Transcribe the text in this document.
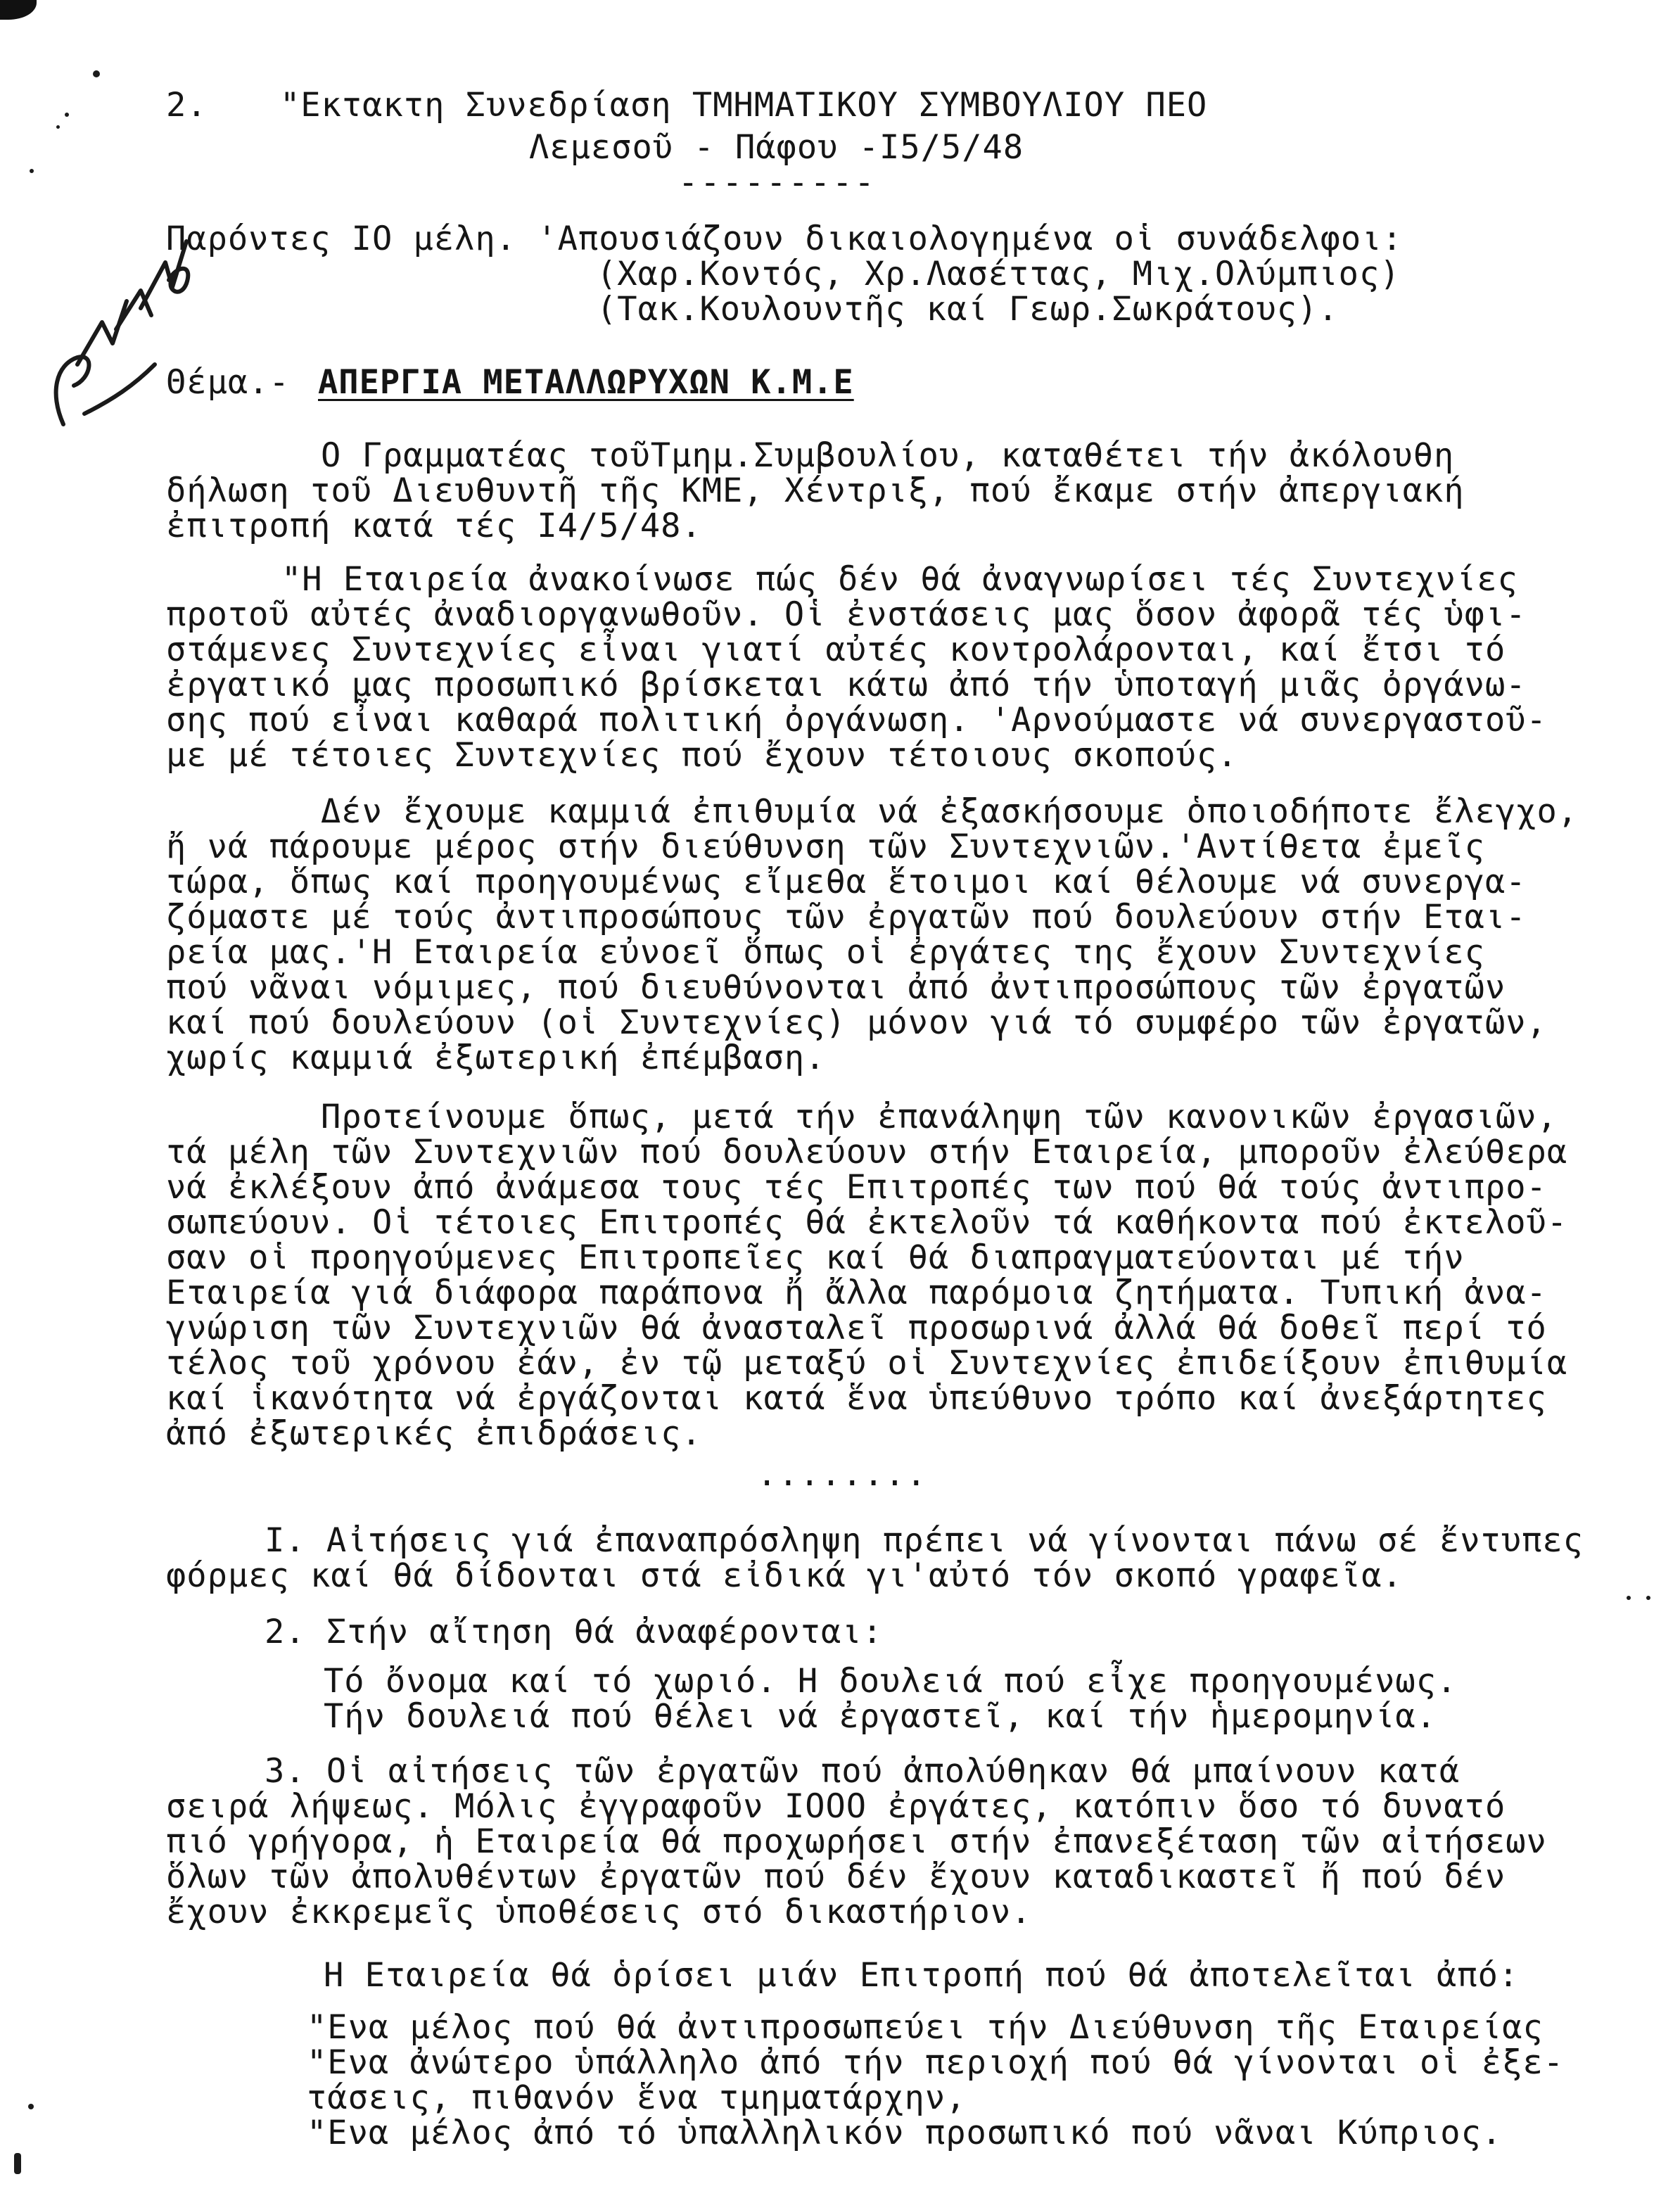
2. "Εκτακτη Συνεδρίαση ΤΜΗΜΑΤΙΚΟΥ ΣΥΜΒΟΥΛΙΟΥ ΠΕΟ
Λεμεσοῦ - Πάφου -Ι5/5/48
---------
Παρόντες ΙΟ μέλη. 'Απουσιάζουν δικαιολογημένα οἱ συνάδελφοι:
(Χαρ.Κοντός, Χρ.Λασέττας, Μιχ.Ολύμπιος)
(Τακ.Κουλουντῆς καί Γεωρ.Σωκράτους).
Θέμα.- ΑΠΕΡΓΙΑ ΜΕΤΑΛΛΩΡΥΧΩΝ Κ.Μ.Ε
Ο Γραμματέας τοῦΤμημ.Συμβουλίου, καταθέτει τήν ἀκόλουθη
δήλωση τοῦ Διευθυντῆ τῆς ΚΜΕ, Χέντριξ, πού ἔκαμε στήν ἀπεργιακή
ἐπιτροπή κατά τές Ι4/5/48.
"Η Εταιρεία ἀνακοίνωσε πώς δέν θά ἀναγνωρίσει τές Συντεχνίες
προτοῦ αὐτές ἀναδιοργανωθοῦν. Οἱ ἐνστάσεις μας ὅσον ἀφορᾶ τές ὑφι-
στάμενες Συντεχνίες εἶναι γιατί αὐτές κοντρολάρονται, καί ἔτσι τό
ἐργατικό μας προσωπικό βρίσκεται κάτω ἀπό τήν ὑποταγή μιᾶς ὀργάνω-
σης πού εἶναι καθαρά πολιτική ὀργάνωση. 'Αρνούμαστε νά συνεργαστοῦ-
με μέ τέτοιες Συντεχνίες πού ἔχουν τέτοιους σκοπούς.
Δέν ἔχουμε καμμιά ἐπιθυμία νά ἐξασκήσουμε ὁποιοδήποτε ἔλεγχο,
ἤ νά πάρουμε μέρος στήν διεύθυνση τῶν Συντεχνιῶν.'Αντίθετα ἐμεῖς
τώρα, ὅπως καί προηγουμένως εἴμεθα ἕτοιμοι καί θέλουμε νά συνεργα-
ζόμαστε μέ τούς ἀντιπροσώπους τῶν ἐργατῶν πού δουλεύουν στήν Εται-
ρεία μας.'Η Εταιρεία εὐνοεῖ ὅπως οἱ ἐργάτες της ἔχουν Συντεχνίες
πού νᾶναι νόμιμες, πού διευθύνονται ἀπό ἀντιπροσώπους τῶν ἐργατῶν
καί πού δουλεύουν (οἱ Συντεχνίες) μόνον γιά τό συμφέρο τῶν ἐργατῶν,
χωρίς καμμιά ἐξωτερική ἐπέμβαση.
Προτείνουμε ὅπως, μετά τήν ἐπανάληψη τῶν κανονικῶν ἐργασιῶν,
τά μέλη τῶν Συντεχνιῶν πού δουλεύουν στήν Εταιρεία, μποροῦν ἐλεύθερα
νά ἐκλέξουν ἀπό ἀνάμεσα τους τές Επιτροπές των πού θά τούς ἀντιπρο-
σωπεύουν. Οἱ τέτοιες Επιτροπές θά ἐκτελοῦν τά καθήκοντα πού ἐκτελοῦ-
σαν οἱ προηγούμενες Επιτροπεῖες καί θά διαπραγματεύονται μέ τήν
Εταιρεία γιά διάφορα παράπονα ἤ ἄλλα παρόμοια ζητήματα. Τυπική ἀνα-
γνώριση τῶν Συντεχνιῶν θά ἀνασταλεῖ προσωρινά ἀλλά θά δοθεῖ περί τό
τέλος τοῦ χρόνου ἐάν, ἐν τῷ μεταξύ οἱ Συντεχνίες ἐπιδείξουν ἐπιθυμία
καί ἱκανότητα νά ἐργάζονται κατά ἕνα ὑπεύθυνο τρόπο καί ἀνεξάρτητες
ἀπό ἐξωτερικές ἐπιδράσεις.
........
Ι. Αἰτήσεις γιά ἐπαναπρόσληψη πρέπει νά γίνονται πάνω σέ ἔντυπες
φόρμες καί θά δίδονται στά εἰδικά γι'αὐτό τόν σκοπό γραφεῖα.
2. Στήν αἴτηση θά ἀναφέρονται:
Τό ὄνομα καί τό χωριό. Η δουλειά πού εἶχε προηγουμένως.
Τήν δουλειά πού θέλει νά ἐργαστεῖ, καί τήν ἡμερομηνία.
3. Οἱ αἰτήσεις τῶν ἐργατῶν πού ἀπολύθηκαν θά μπαίνουν κατά
σειρά λήψεως. Μόλις ἐγγραφοῦν ΙΟΟΟ ἐργάτες, κατόπιν ὅσο τό δυνατό
πιό γρήγορα, ἡ Εταιρεία θά προχωρήσει στήν ἐπανεξέταση τῶν αἰτήσεων
ὅλων τῶν ἀπολυθέντων ἐργατῶν πού δέν ἔχουν καταδικαστεῖ ἤ πού δέν
ἔχουν ἐκκρεμεῖς ὑποθέσεις στό δικαστήριον.
Η Εταιρεία θά ὁρίσει μιάν Επιτροπή πού θά ἀποτελεῖται ἀπό:
"Ενα μέλος πού θά ἀντιπροσωπεύει τήν Διεύθυνση τῆς Εταιρείας
"Ενα ἀνώτερο ὑπάλληλο ἀπό τήν περιοχή πού θά γίνονται οἱ ἐξε-
τάσεις, πιθανόν ἕνα τμηματάρχην,
"Ενα μέλος ἀπό τό ὑπαλληλικόν προσωπικό πού νᾶναι Κύπριος.
